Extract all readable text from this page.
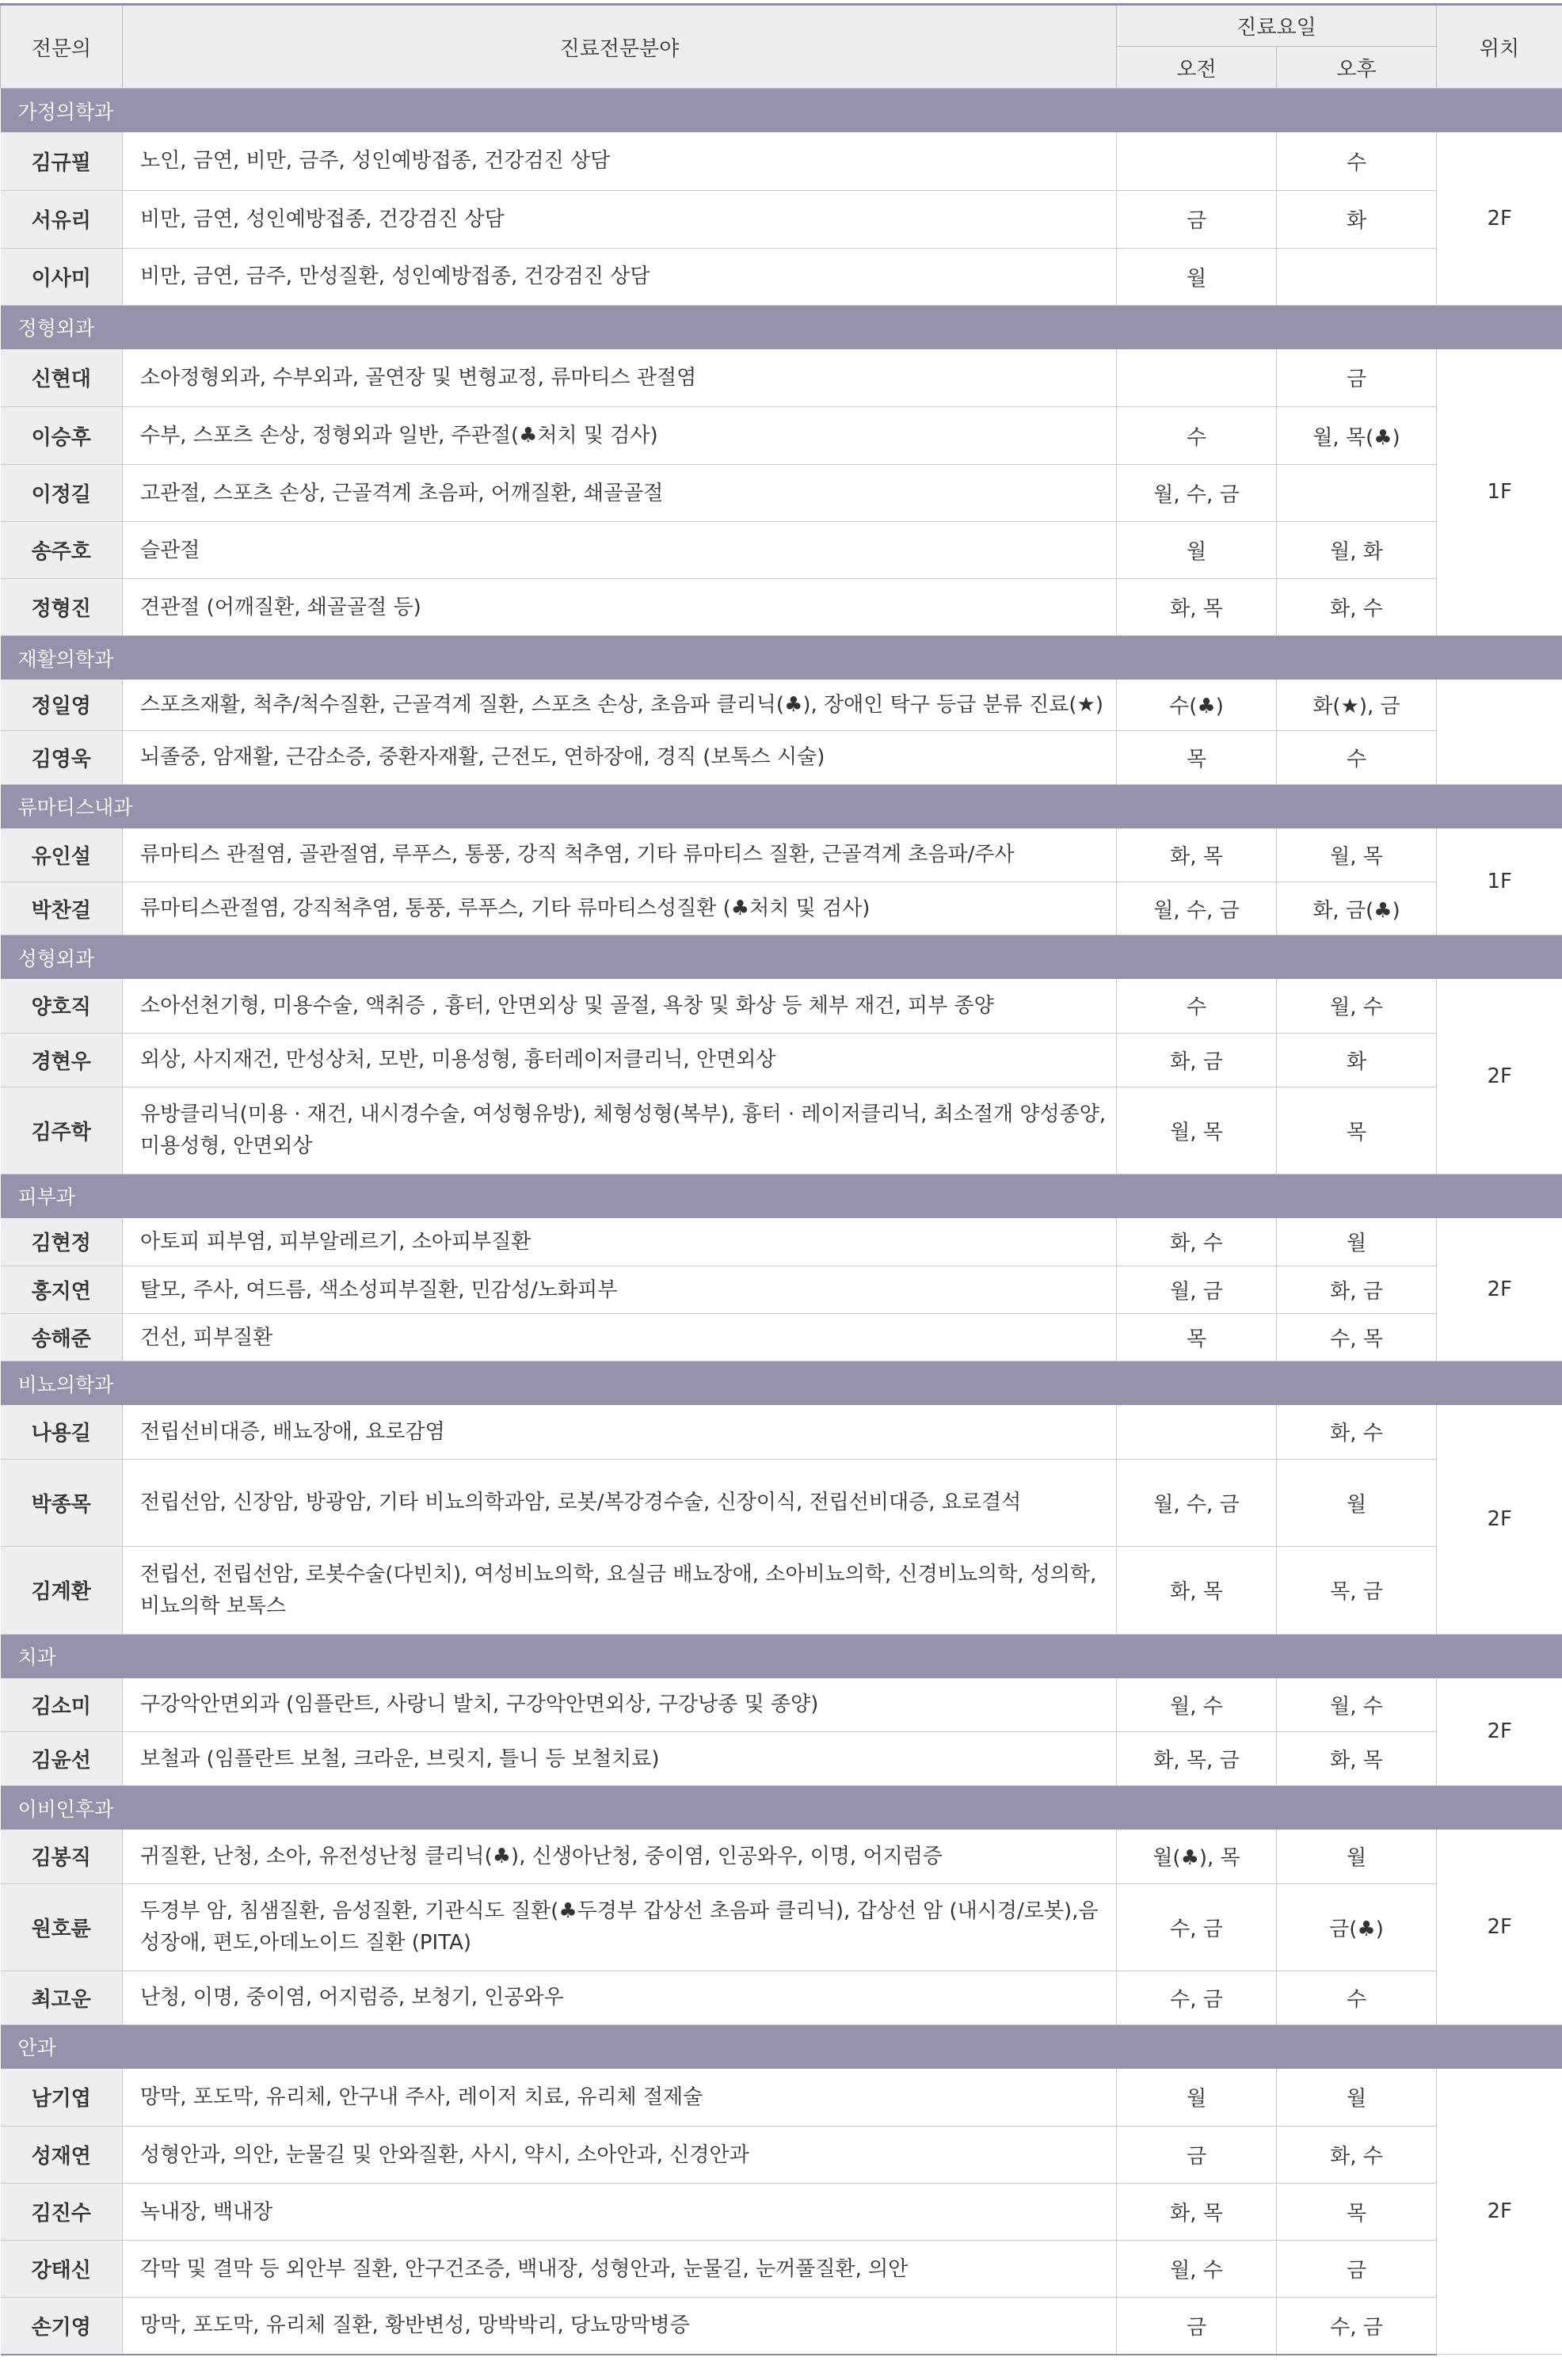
전문의	진료전문분야	진료요일		위치
		오전	오후	
가정의학과				
김규필	노인, 금연, 비만, 금주, 성인예방접종, 건강검진 상담		수	2F
서유리	비만, 금연, 성인예방접종, 건강검진 상담	금	화	
이사미	비만, 금연, 금주, 만성질환, 성인예방접종, 건강검진 상담	월		
정형외과				
신현대	소아정형외과, 수부외과, 골연장 및 변형교정, 류마티스 관절염		금	1F
이승후	수부, 스포츠 손상, 정형외과 일반, 주관절(♣처치 및 검사)	수	월, 목(♣)	
이정길	고관절, 스포츠 손상, 근골격계 초음파, 어깨질환, 쇄골골절	월, 수, 금		
송주호	슬관절	월	월, 화	
정형진	견관절 (어깨질환, 쇄골골절 등)	화, 목	화, 수	
재활의학과				
정일영	스포츠재활, 척추/척수질환, 근골격계 질환, 스포츠 손상, 초음파 클리닉(♣), 장애인 탁구 등급 분류 진료(★)	수(♣)	화(★), 금	
김영욱	뇌졸중, 암재활, 근감소증, 중환자재활, 근전도, 연하장애, 경직 (보톡스 시술)	목	수	
류마티스내과				
유인설	류마티스 관절염, 골관절염, 루푸스, 통풍, 강직 척추염, 기타 류마티스 질환, 근골격계 초음파/주사	화, 목	월, 목	1F
박찬걸	류마티스관절염, 강직척추염, 통풍, 루푸스, 기타 류마티스성질환 (♣처치 및 검사)	월, 수, 금	화, 금(♣)	
성형외과				
양호직	소아선천기형, 미용수술, 액취증 , 흉터, 안면외상 및 골절, 욕창 및 화상 등 체부 재건, 피부 종양	수	월, 수	2F
경현우	외상, 사지재건, 만성상처, 모반, 미용성형, 흉터레이저클리닉, 안면외상	화, 금	화	
김주학	유방클리닉(미용 · 재건, 내시경수술, 여성형유방), 체형성형(복부), 흉터 · 레이저클리닉, 최소절개 양성종양, 미용성형, 안면외상	월, 목	목	
피부과				
김현정	아토피 피부염, 피부알레르기, 소아피부질환	화, 수	월	2F
홍지연	탈모, 주사, 여드름, 색소성피부질환, 민감성/노화피부	월, 금	화, 금	
송해준	건선, 피부질환	목	수, 목	
비뇨의학과				
나용길	전립선비대증, 배뇨장애, 요로감염		화, 수	2F
박종목	전립선암, 신장암, 방광암, 기타 비뇨의학과암, 로봇/복강경수술, 신장이식, 전립선비대증, 요로결석	월, 수, 금	월	
김계환	전립선, 전립선암, 로봇수술(다빈치), 여성비뇨의학, 요실금 배뇨장애, 소아비뇨의학, 신경비뇨의학, 성의학, 비뇨의학 보톡스	화, 목	목, 금	
치과				
김소미	구강악안면외과 (임플란트, 사랑니 발치, 구강악안면외상, 구강낭종 및 종양)	월, 수	월, 수	2F
김윤선	보철과 (임플란트 보철, 크라운, 브릿지, 틀니 등 보철치료)	화, 목, 금	화, 목	
이비인후과				
김봉직	귀질환, 난청, 소아, 유전성난청 클리닉(♣), 신생아난청, 중이염, 인공와우, 이명, 어지럼증	월(♣), 목	월	2F
원호륜	두경부 암, 침샘질환, 음성질환, 기관식도 질환(♣두경부 갑상선 초음파 클리닉), 갑상선 암 (내시경/로봇),음성장애, 편도,아데노이드 질환 (PITA)	수, 금	금(♣)	
최고운	난청, 이명, 중이염, 어지럼증, 보청기, 인공와우	수, 금	수	
안과				
남기엽	망막, 포도막, 유리체, 안구내 주사, 레이저 치료, 유리체 절제술	월	월	2F
성재연	성형안과, 의안, 눈물길 및 안와질환, 사시, 약시, 소아안과, 신경안과	금	화, 수	
김진수	녹내장, 백내장	화, 목	목	
강태신	각막 및 결막 등 외안부 질환, 안구건조증, 백내장, 성형안과, 눈물길, 눈꺼풀질환, 의안	월, 수	금	
손기영	망막, 포도막, 유리체 질환, 황반변성, 망박박리, 당뇨망막병증	금	수, 금	
